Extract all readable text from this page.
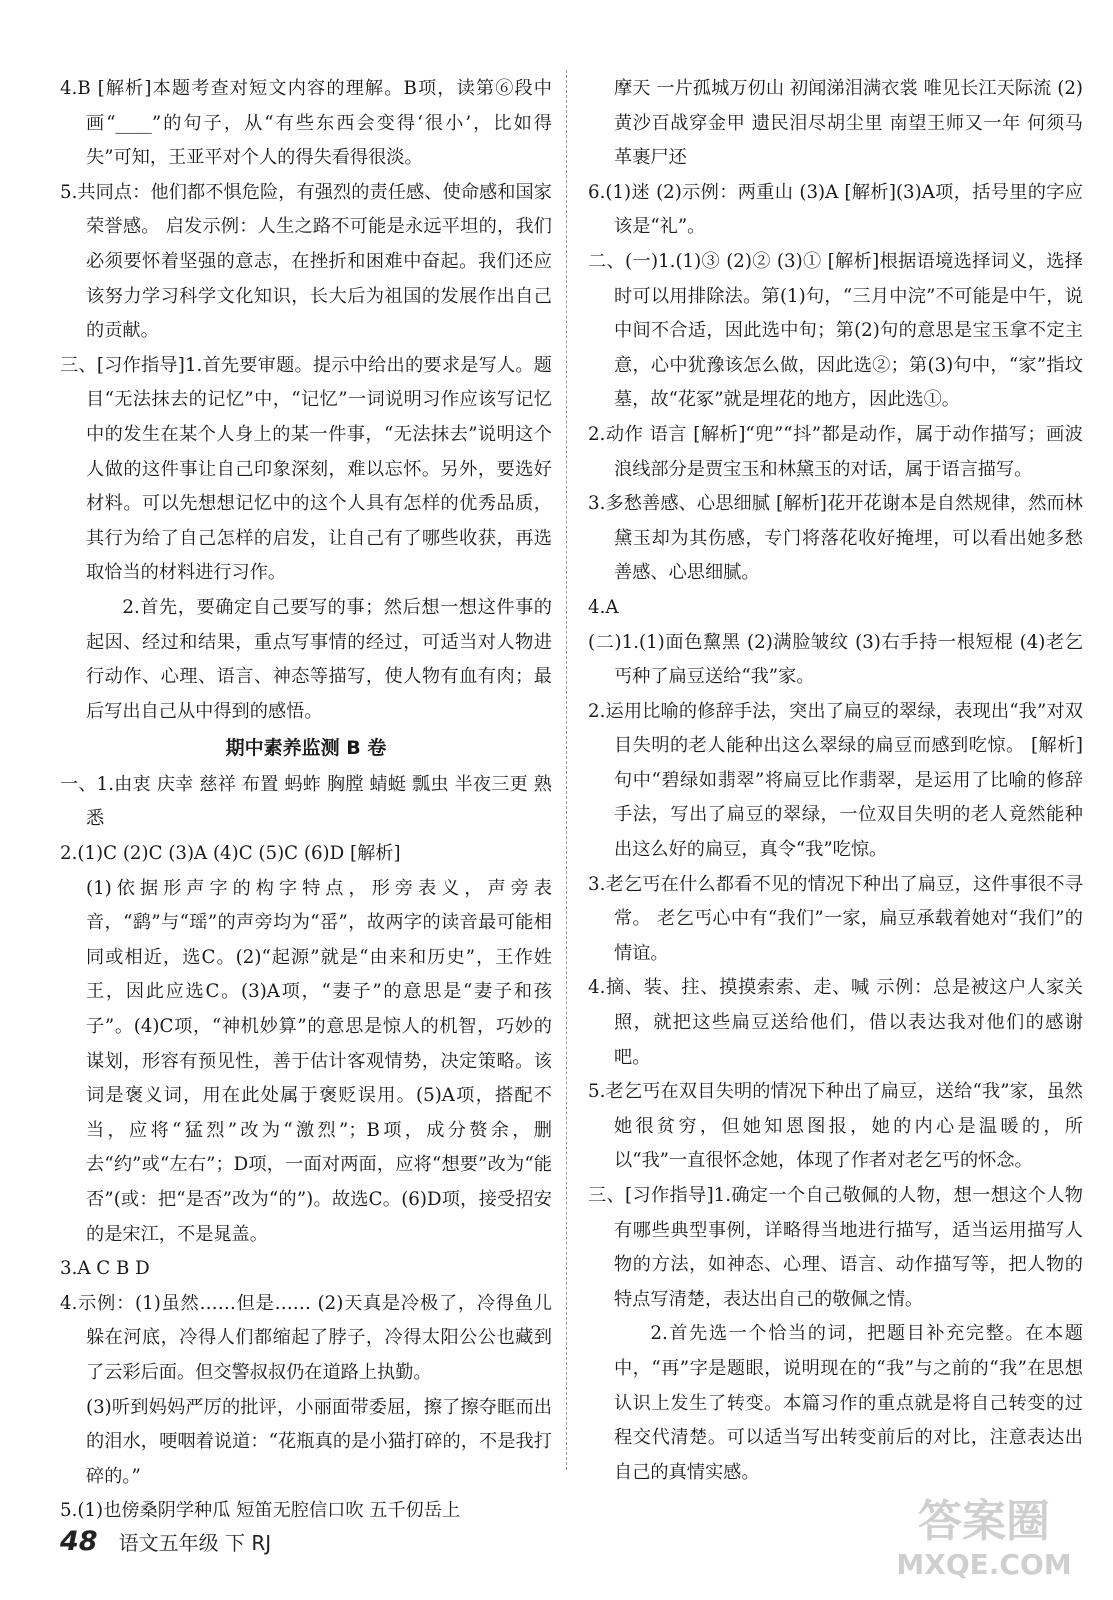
4.B [解析]本题考查对短文内容的理解。B项，读第⑥段中画“____”的句子，从“有些东西会变得‘很小’，比如得失”可知，王亚平对个人的得失看得很淡。

5.共同点：他们都不惧危险，有强烈的责任感、使命感和国家荣誉感。 启发示例：人生之路不可能是永远平坦的，我们必须要怀着坚强的意志，在挫折和困难中奋起。我们还应该努力学习科学文化知识，长大后为祖国的发展作出自己的贡献。

三、[习作指导]1.首先要审题。提示中给出的要求是写人。题目“无法抹去的记忆”中，“记忆”一词说明习作应该写记忆中的发生在某个人身上的某一件事，“无法抹去”说明这个人做的这件事让自己印象深刻，难以忘怀。另外，要选好材料。可以先想想记忆中的这个人具有怎样的优秀品质，其行为给了自己怎样的启发，让自己有了哪些收获，再选取恰当的材料进行习作。

2.首先，要确定自己要写的事；然后想一想这件事的起因、经过和结果，重点写事情的经过，可适当对人物进行动作、心理、语言、神态等描写，使人物有血有肉；最后写出自己从中得到的感悟。

期中素养监测 B 卷

一、1.由衷 庆幸 慈祥 布置 蚂蚱 胸膛 蜻蜓 瓢虫 半夜三更 熟悉

2.(1)C (2)C (3)A (4)C (5)C (6)D [解析]

(1)依据形声字的构字特点，形旁表义，声旁表音，“鹞”与“瑶”的声旁均为“䍃”，故两字的读音最可能相同或相近，选C。(2)“起源”就是“由来和历史”，王作姓王，因此应选C。(3)A项，“妻子”的意思是“妻子和孩子”。(4)C项，“神机妙算”的意思是惊人的机智，巧妙的谋划，形容有预见性，善于估计客观情势，决定策略。该词是褒义词，用在此处属于褒贬误用。(5)A项，搭配不当，应将“猛烈”改为“激烈”；B项，成分赘余，删去“约”或“左右”；D项，一面对两面，应将“想要”改为“能否”(或：把“是否”改为“的”)。故选C。(6)D项，接受招安的是宋江，不是晁盖。

3.A C B D

4.示例：(1)虽然……但是…… (2)天真是冷极了，冷得鱼儿躲在河底，冷得人们都缩起了脖子，冷得太阳公公也藏到了云彩后面。但交警叔叔仍在道路上执勤。

(3)听到妈妈严厉的批评，小丽面带委屈，擦了擦夺眶而出的泪水，哽咽着说道：“花瓶真的是小猫打碎的，不是我打碎的。”

5.(1)也傍桑阴学种瓜 短笛无腔信口吹 五千仞岳上

摩天 一片孤城万仞山 初闻涕泪满衣裳 唯见长江天际流 (2)黄沙百战穿金甲 遗民泪尽胡尘里 南望王师又一年 何须马革裹尸还

6.(1)迷 (2)示例：两重山 (3)A [解析](3)A项，括号里的字应该是“礼”。

二、(一)1.(1)③ (2)② (3)① [解析]根据语境选择词义，选择时可以用排除法。第(1)句，“三月中浣”不可能是中午，说中间不合适，因此选中旬；第(2)句的意思是宝玉拿不定主意，心中犹豫该怎么做，因此选②；第(3)句中，“家”指坟墓，故“花冢”就是埋花的地方，因此选①。

2.动作 语言 [解析]“兜”“抖”都是动作，属于动作描写；画波浪线部分是贾宝玉和林黛玉的对话，属于语言描写。

3.多愁善感、心思细腻 [解析]花开花谢本是自然规律，然而林黛玉却为其伤感，专门将落花收好掩埋，可以看出她多愁善感、心思细腻。

4.A

(二)1.(1)面色黧黑 (2)满脸皱纹 (3)右手持一根短棍 (4)老乞丐种了扁豆送给“我”家。

2.运用比喻的修辞手法，突出了扁豆的翠绿，表现出“我”对双目失明的老人能种出这么翠绿的扁豆而感到吃惊。 [解析]句中“碧绿如翡翠”将扁豆比作翡翠，是运用了比喻的修辞手法，写出了扁豆的翠绿，一位双目失明的老人竟然能种出这么好的扁豆，真令“我”吃惊。

3.老乞丐在什么都看不见的情况下种出了扁豆，这件事很不寻常。 老乞丐心中有“我们”一家，扁豆承载着她对“我们”的情谊。

4.摘、装、拄、摸摸索索、走、喊 示例：总是被这户人家关照，就把这些扁豆送给他们，借以表达我对他们的感谢吧。

5.老乞丐在双目失明的情况下种出了扁豆，送给“我”家，虽然她很贫穷，但她知恩图报，她的内心是温暖的，所以“我”一直很怀念她，体现了作者对老乞丐的怀念。

三、[习作指导]1.确定一个自己敬佩的人物，想一想这个人物有哪些典型事例，详略得当地进行描写，适当运用描写人物的方法，如神态、心理、语言、动作描写等，把人物的特点写清楚，表达出自己的敬佩之情。

2.首先选一个恰当的词，把题目补充完整。在本题中，“再”字是题眼，说明现在的“我”与之前的“我”在思想认识上发生了转变。本篇习作的重点就是将自己转变的过程交代清楚。可以适当写出转变前后的对比，注意表达出自己的真情实感。

48 语文五年级 下 RJ	答案圈
MXQE.COM
